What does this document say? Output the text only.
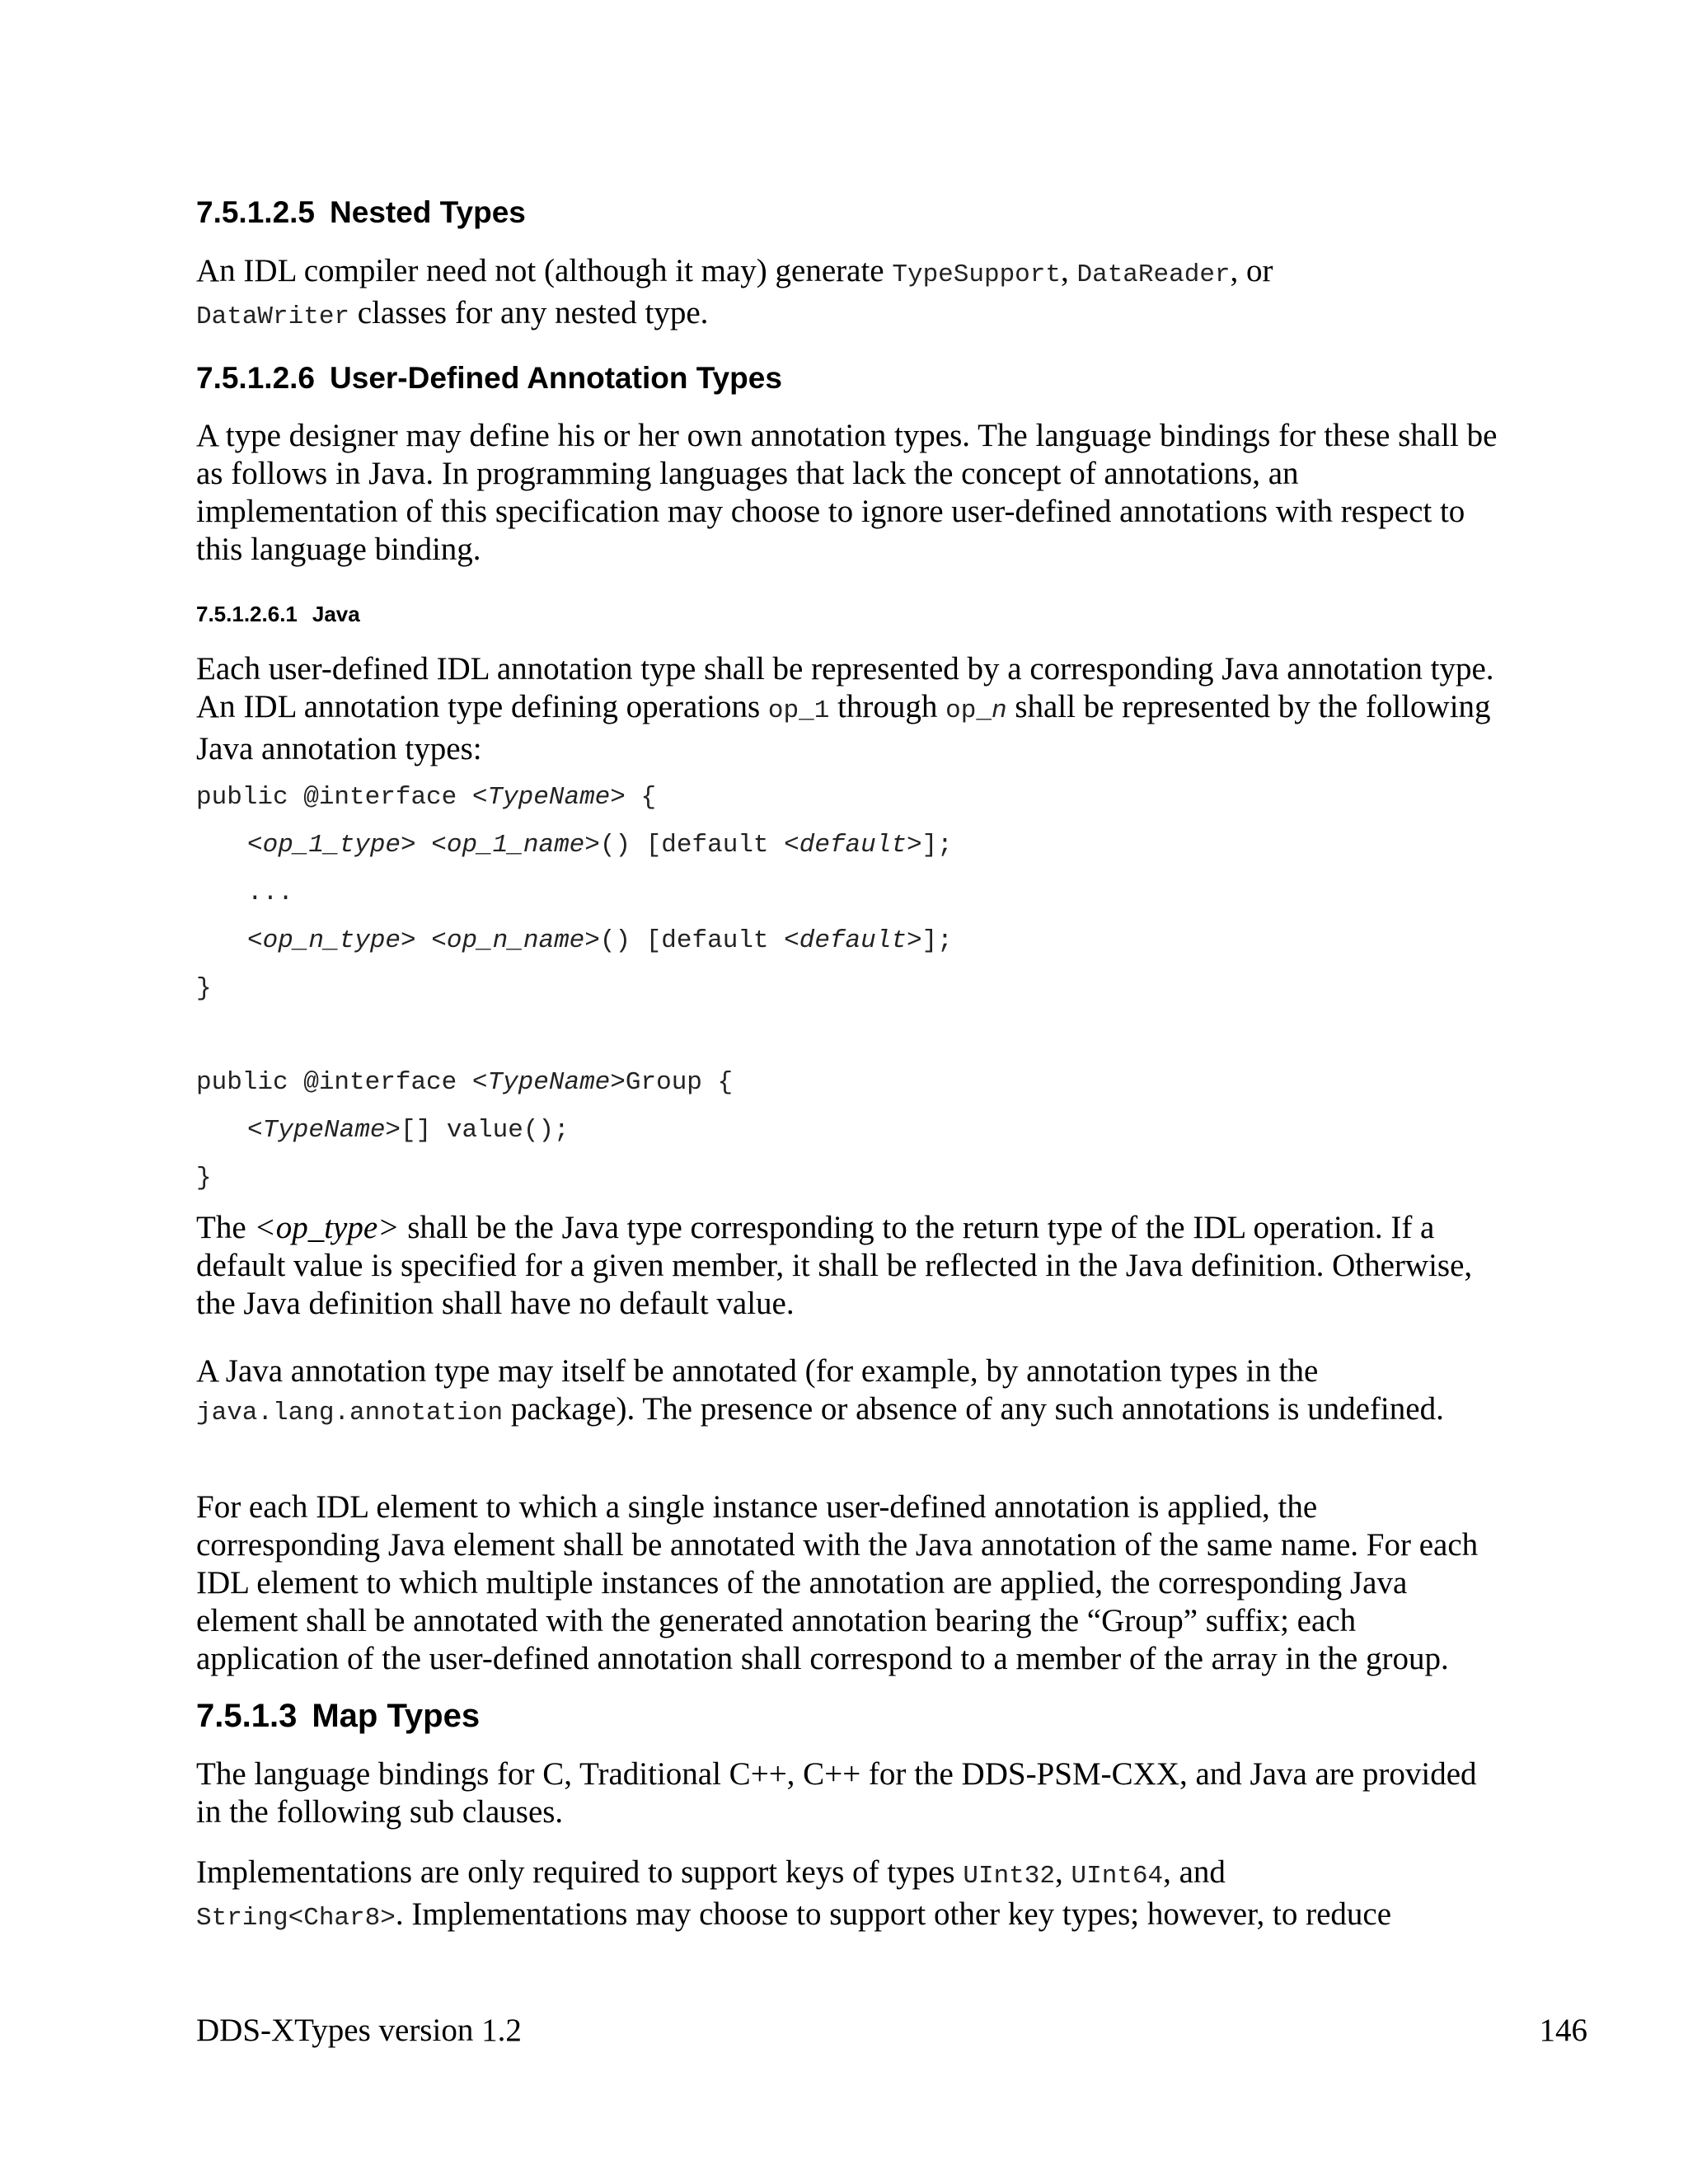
7.5.1.2.5 Nested Types

An IDL compiler need not (although it may) generate TypeSupport, DataReader, or
DataWriter classes for any nested type.

7.5.1.2.6 User-Defined Annotation Types

A type designer may define his or her own annotation types. The language bindings for these shall be as follows in Java. In programming languages that lack the concept of annotations, an implementation of this specification may choose to ignore user-defined annotations with respect to this language binding.

7.5.1.2.6.1 Java

Each user-defined IDL annotation type shall be represented by a corresponding Java annotation type. An IDL annotation type defining operations op_1 through op_n shall be represented by the following Java annotation types:

public @interface <TypeName> {
<op_1_type> <op_1_name>() [default <default>];
...
<op_n_type> <op_n_name>() [default <default>];
}
public @interface <TypeName>Group {
<TypeName>[] value();
}

The <op_type> shall be the Java type corresponding to the return type of the IDL operation. If a default value is specified for a given member, it shall be reflected in the Java definition. Otherwise, the Java definition shall have no default value.

A Java annotation type may itself be annotated (for example, by annotation types in the java.lang.annotation package). The presence or absence of any such annotations is undefined.

For each IDL element to which a single instance user-defined annotation is applied, the corresponding Java element shall be annotated with the Java annotation of the same name. For each IDL element to which multiple instances of the annotation are applied, the corresponding Java element shall be annotated with the generated annotation bearing the “Group” suffix; each application of the user-defined annotation shall correspond to a member of the array in the group.

7.5.1.3 Map Types

The language bindings for C, Traditional C++, C++ for the DDS-PSM-CXX, and Java are provided in the following sub clauses.

Implementations are only required to support keys of types UInt32, UInt64, and
String<Char8>. Implementations may choose to support other key types; however, to reduce

DDS-XTypes version 1.2	146
